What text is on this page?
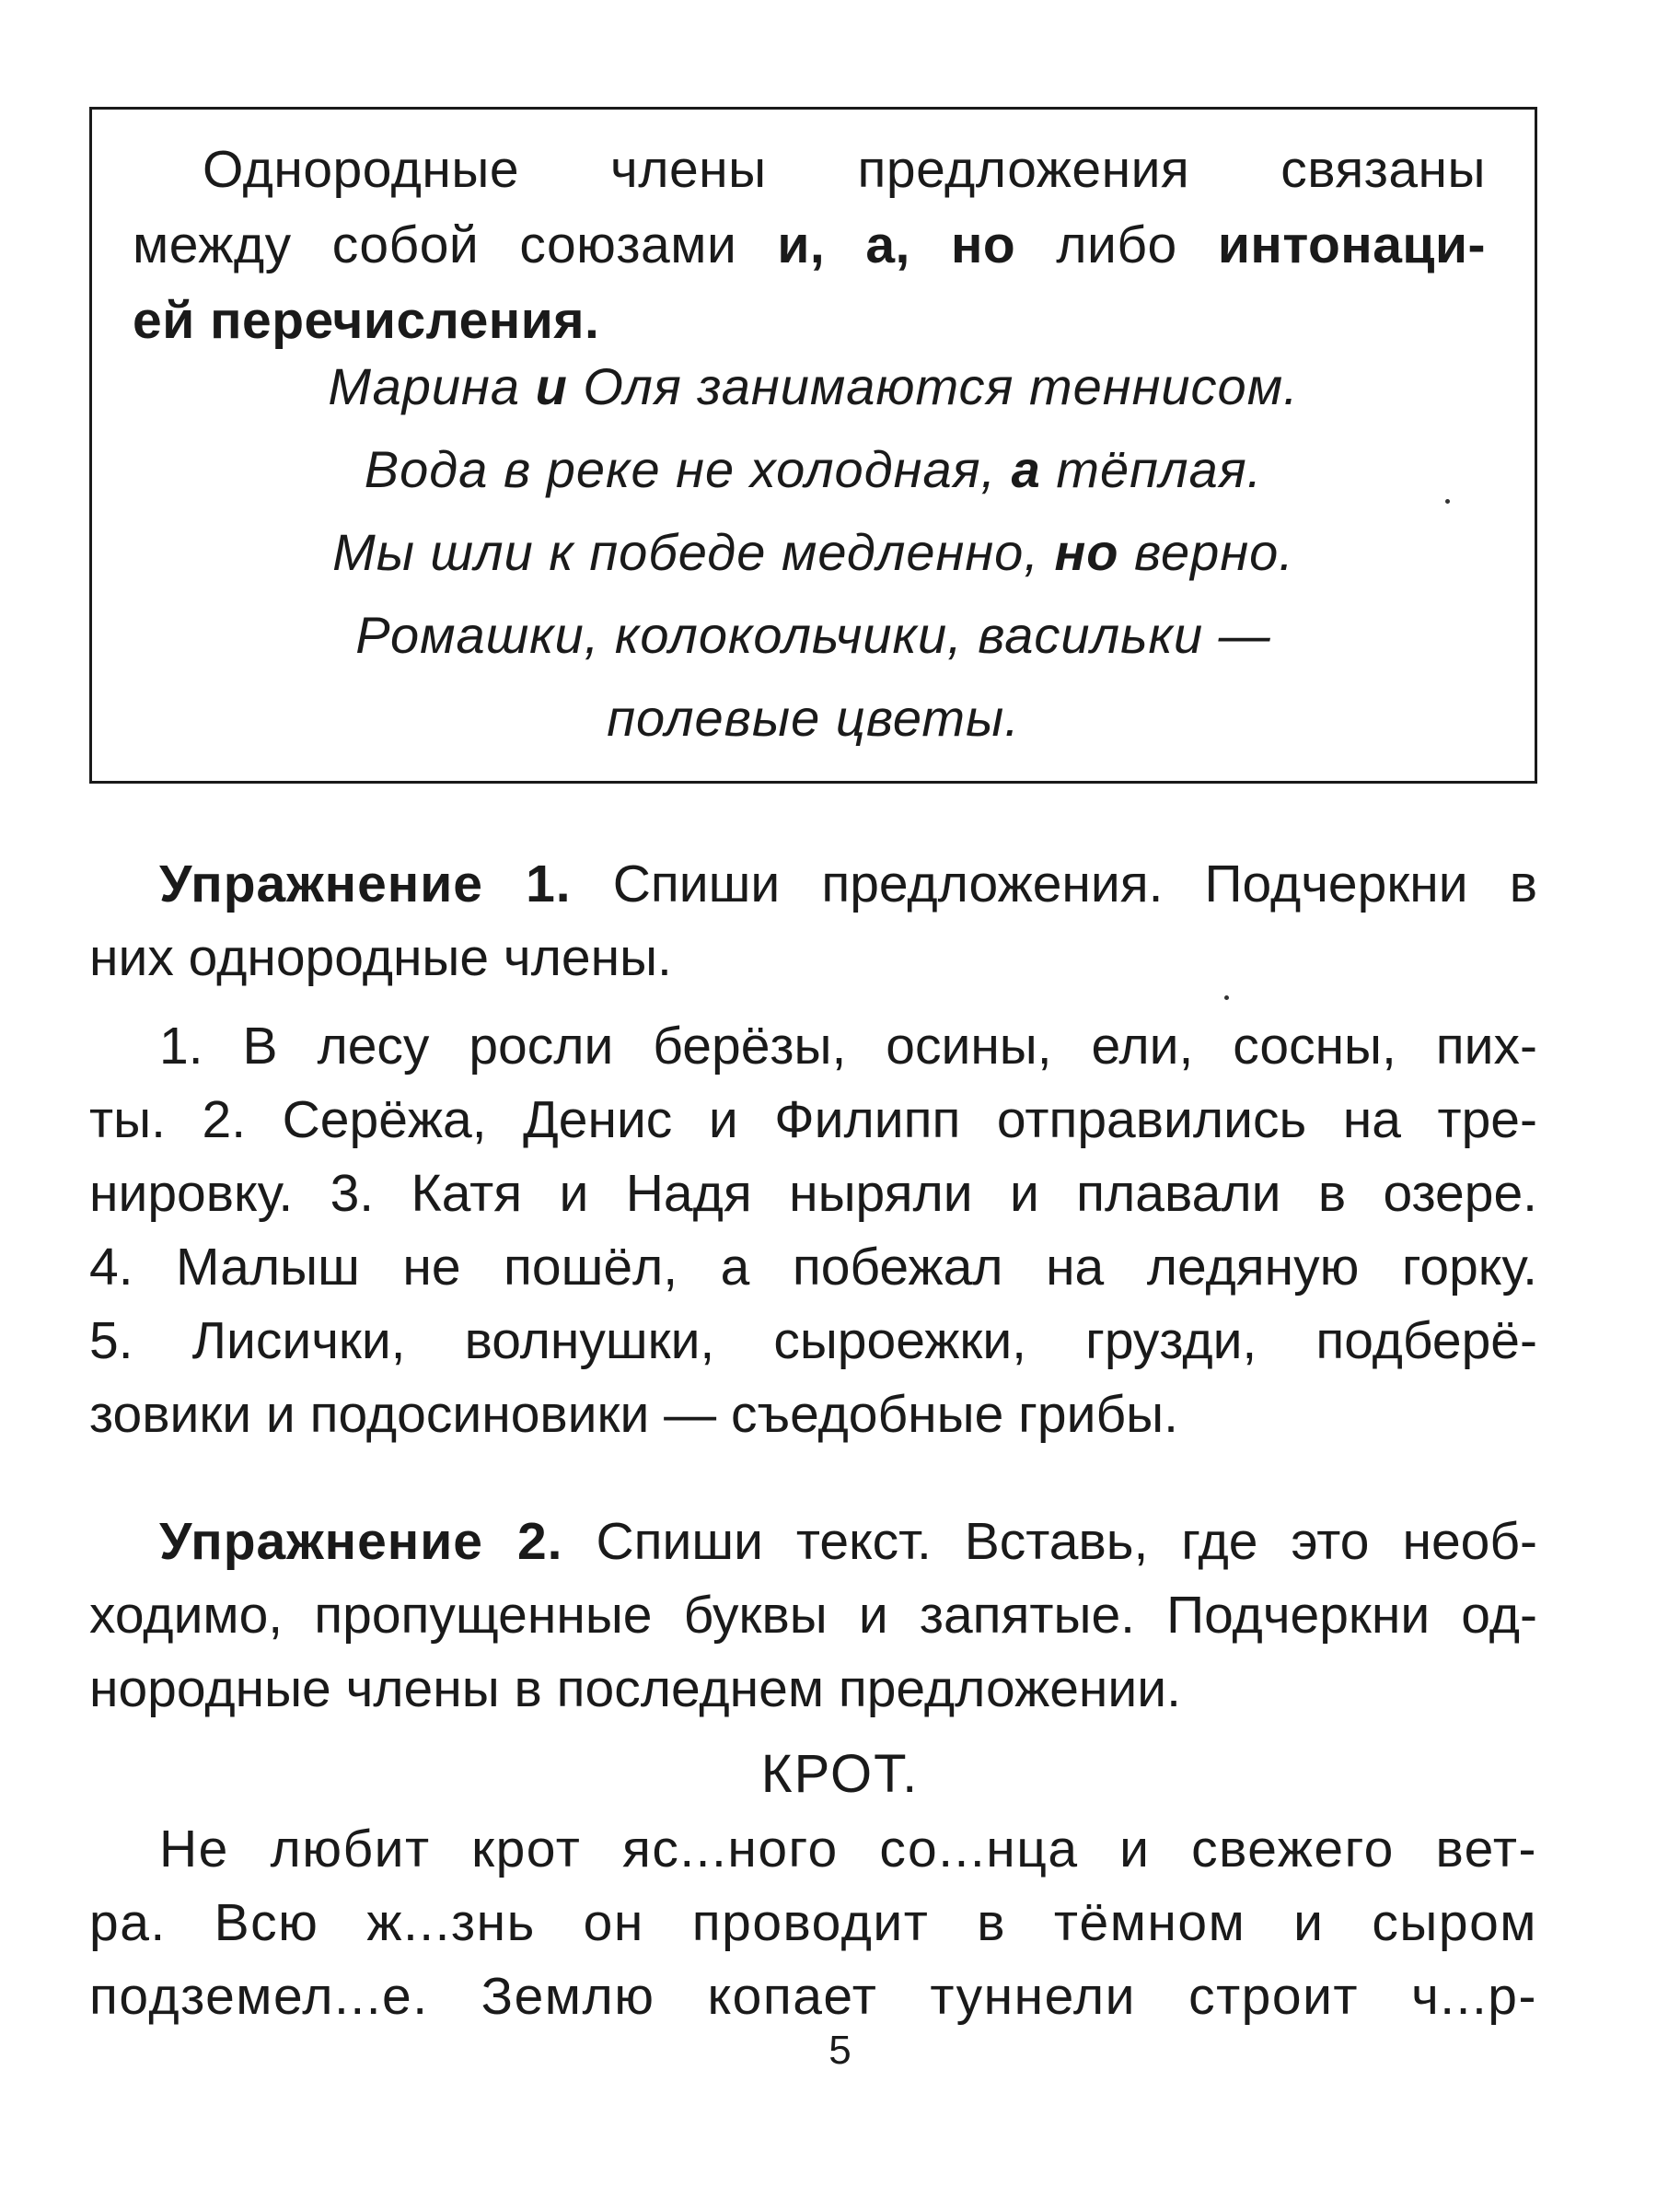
Однородные члены предложения связаны
между собой союзами и, а, но либо интонаци-
ей перечисления.
Марина и Оля занимаются теннисом.
Вода в реке не холодная, а тёплая.
Мы шли к победе медленно, но верно.
Ромашки, колокольчики, васильки —
полевые цветы.
Упражнение 1. Спиши предложения. Подчеркни в
них однородные члены.
1. В лесу росли берёзы, осины, ели, сосны, пих-
ты. 2. Серёжа, Денис и Филипп отправились на тре-
нировку. 3. Катя и Надя ныряли и плавали в озере.
4. Малыш не пошёл, а побежал на ледяную горку.
5. Лисички, волнушки, сыроежки, грузди, подберё-
зовики и подосиновики — съедобные грибы.
Упражнение 2. Спиши текст. Вставь, где это необ-
ходимо, пропущенные буквы и запятые. Подчеркни од-
нородные члены в последнем предложении.
КРОТ.
Не любит крот яс...ного со...нца и свежего вет-
ра. Всю ж...знь он проводит в тёмном и сыром
подземел...е. Землю копает туннели строит ч...р-
5
